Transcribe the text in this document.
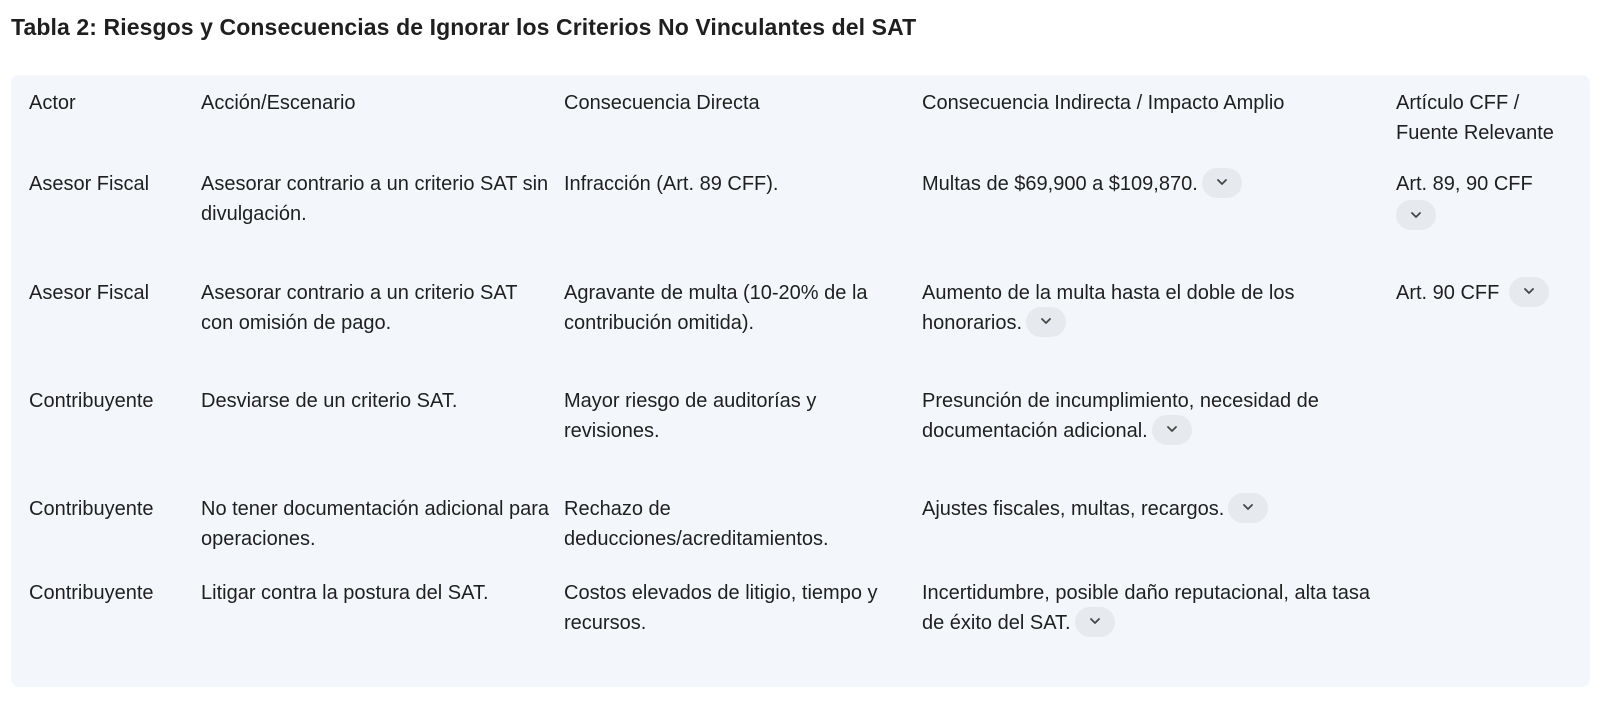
Tabla 2: Riesgos y Consecuencias de Ignorar los Criterios No Vinculantes del SAT
Actor	Acción/Escenario	Consecuencia Directa	Consecuencia Indirecta / Impacto Amplio	Artículo CFF / Fuente Relevante
Asesor Fiscal	Asesorar contrario a un criterio SAT sin divulgación.	Infracción (Art. 89 CFF).	Multas de $69,900 a $109,870.	Art. 89, 90 CFF

Asesor Fiscal	Asesorar contrario a un criterio SAT con omisión de pago.	Agravante de multa (10-20% de la contribución omitida).	Aumento de la multa hasta el doble de los honorarios.	Art. 90 CFF
Contribuyente	Desviarse de un criterio SAT.	Mayor riesgo de auditorías y revisiones.	Presunción de incumplimiento, necesidad de documentación adicional.	
Contribuyente	No tener documentación adicional para operaciones.	Rechazo de deducciones/acreditamientos.	Ajustes fiscales, multas, recargos.	
Contribuyente	Litigar contra la postura del SAT.	Costos elevados de litigio, tiempo y recursos.	Incertidumbre, posible daño reputacional, alta tasa de éxito del SAT.	
